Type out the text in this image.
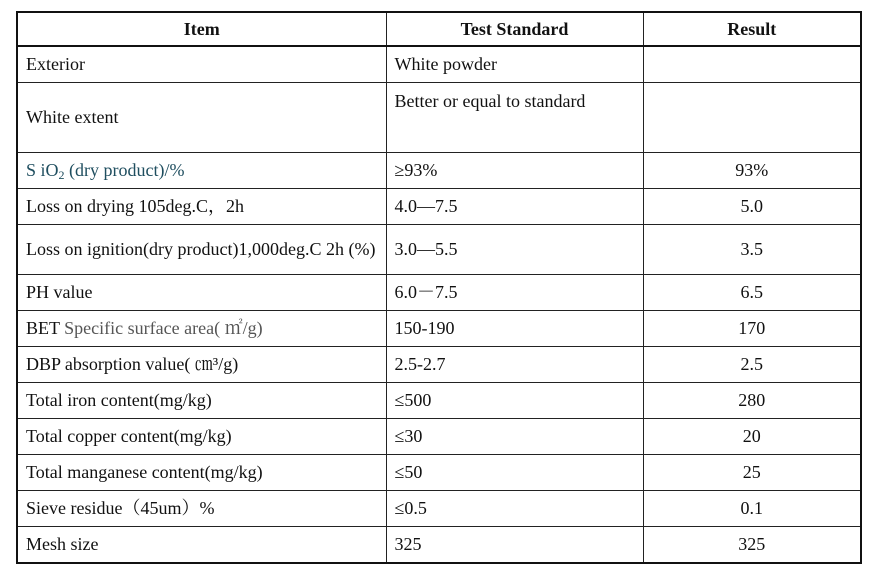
Item	Test Standard	Result
Exterior	White powder	
White extent	Better or equal to standard	
S $iO_2$ (dry product)/%	≥93%	93%
Loss on drying 105deg.C，2h	4.0—7.5	5.0
Loss on ignition(dry product)1,000deg.C 2h (%)	3.0—5.5	3.5
PH value	6.0－7.5	6.5
BET Specific surface area( ㎡/g)	150-190	170
DBP absorption value( ㎝³/g)	2.5-2.7	2.5
Total iron content(mg/kg)	≤500	280
Total copper content(mg/kg)	≤30	20
Total manganese content(mg/kg)	≤50	25
Sieve residue（45um）%	≤0.5	0.1
Mesh size	325	325
